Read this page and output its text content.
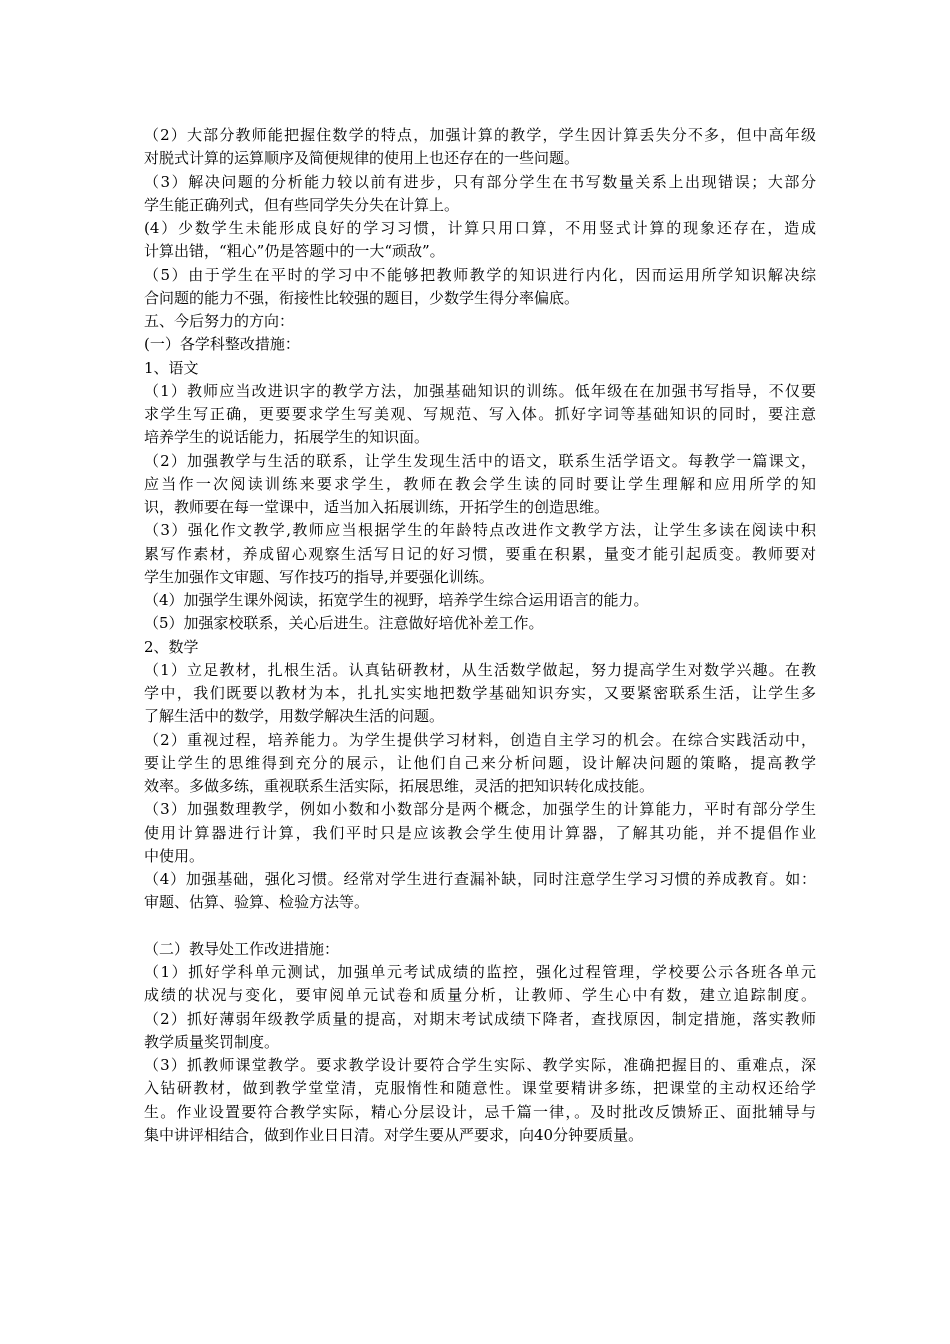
（2）大部分教师能把握住数学的特点，加强计算的教学，学生因计算丢失分不多，但中高年级
对脱式计算的运算顺序及简便规律的使用上也还存在的一些问题。
（3）解决问题的分析能力较以前有进步，只有部分学生在书写数量关系上出现错误；大部分
学生能正确列式，但有些同学失分失在计算上。
(4）少数学生未能形成良好的学习习惯，计算只用口算，不用竖式计算的现象还存在，造成
计算出错，“粗心”仍是答题中的一大“顽敌”。
（5）由于学生在平时的学习中不能够把教师教学的知识进行内化，因而运用所学知识解决综
合问题的能力不强，衔接性比较强的题目，少数学生得分率偏底。
五、今后努力的方向：
(一）各学科整改措施：
1、语文
（1）教师应当改进识字的教学方法，加强基础知识的训练。低年级在在加强书写指导，不仅要
求学生写正确，更要要求学生写美观、写规范、写入体。抓好字词等基础知识的同时，要注意
培养学生的说话能力，拓展学生的知识面。
（2）加强教学与生活的联系，让学生发现生活中的语文，联系生活学语文。每教学一篇课文，
应当作一次阅读训练来要求学生，教师在教会学生读的同时要让学生理解和应用所学的知
识，教师要在每一堂课中，适当加入拓展训练，开拓学生的创造思维。
（3）强化作文教学,教师应当根据学生的年龄特点改进作文教学方法，让学生多读在阅读中积
累写作素材，养成留心观察生活写日记的好习惯，要重在积累，量变才能引起质变。教师要对
学生加强作文审题、写作技巧的指导,并要强化训练。
（4）加强学生课外阅读，拓宽学生的视野，培养学生综合运用语言的能力。
（5）加强家校联系，关心后进生。注意做好培优补差工作。
2、数学
（1）立足教材，扎根生活。认真钻研教材，从生活数学做起，努力提高学生对数学兴趣。在教
学中，我们既要以教材为本，扎扎实实地把数学基础知识夯实，又要紧密联系生活，让学生多
了解生活中的数学，用数学解决生活的问题。
（2）重视过程，培养能力。为学生提供学习材料，创造自主学习的机会。在综合实践活动中，
要让学生的思维得到充分的展示，让他们自己来分析问题，设计解决问题的策略，提高教学
效率。多做多练，重视联系生活实际，拓展思维，灵活的把知识转化成技能。
（3）加强数理教学，例如小数和小数部分是两个概念，加强学生的计算能力，平时有部分学生
使用计算器进行计算，我们平时只是应该教会学生使用计算器，了解其功能，并不提倡作业
中使用。
（4）加强基础，强化习惯。经常对学生进行查漏补缺，同时注意学生学习习惯的养成教育。如：
审题、估算、验算、检验方法等。
（二）教导处工作改进措施：
（1）抓好学科单元测试，加强单元考试成绩的监控，强化过程管理，学校要公示各班各单元
成绩的状况与变化，要审阅单元试卷和质量分析，让教师、学生心中有数，建立追踪制度。
（2）抓好薄弱年级教学质量的提高，对期末考试成绩下降者，查找原因，制定措施，落实教师
教学质量奖罚制度。
（3）抓教师课堂教学。要求教学设计要符合学生实际、教学实际，准确把握目的、重难点，深
入钻研教材，做到教学堂堂清，克服惰性和随意性。课堂要精讲多练，把课堂的主动权还给学
生。作业设置要符合教学实际，精心分层设计，忌千篇一律，。及时批改反馈矫正、面批辅导与
集中讲评相结合，做到作业日日清。对学生要从严要求，向40分钟要质量。
